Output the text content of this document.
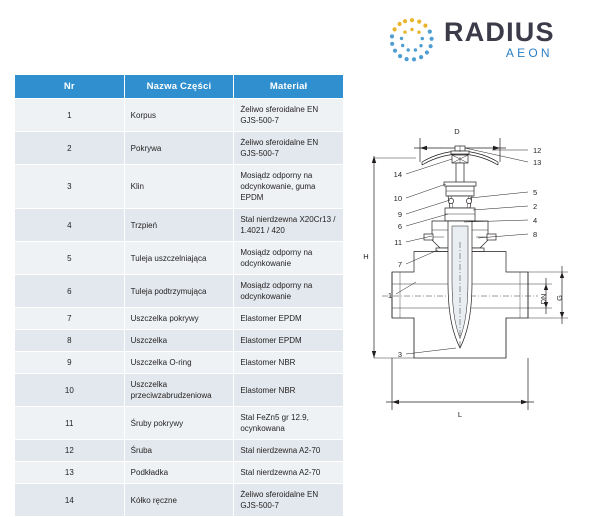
RADIUS
AEON
Nr	Nazwa Części	Materiał
1	Korpus	Żeliwo sferoidalne EN GJS-500-7
2	Pokrywa	Żeliwo sferoidalne EN GJS-500-7
3	Klin	Mosiądz odporny na odcynkowanie, guma EPDM
4	Trzpień	Stal nierdzewna X20Cr13 / 1.4021 / 420
5	Tuleja uszczelniająca	Mosiądz odporny na odcynkowanie
6	Tuleja podtrzymująca	Mosiądz odporny na odcynkowanie
7	Uszczelka pokrywy	Elastomer EPDM
8	Uszczelka	Elastomer EPDM
9	Uszczelka O-ring	Elastomer NBR
10	Uszczelka przeciwzabrudzeniowa	Elastomer NBR
11	Śruby pokrywy	Stal FeZn5 gr 12.9, ocynkowana
12	Śruba	Stal nierdzewna A2-70
13	Podkładka	Stal nierdzewna A2-70
14	Kółko ręczne	Żeliwo sferoidalne EN GJS-500-7
D
H
L
DN G
12
13
5
2
4
8
14
10
9
6
11
7
1
3
